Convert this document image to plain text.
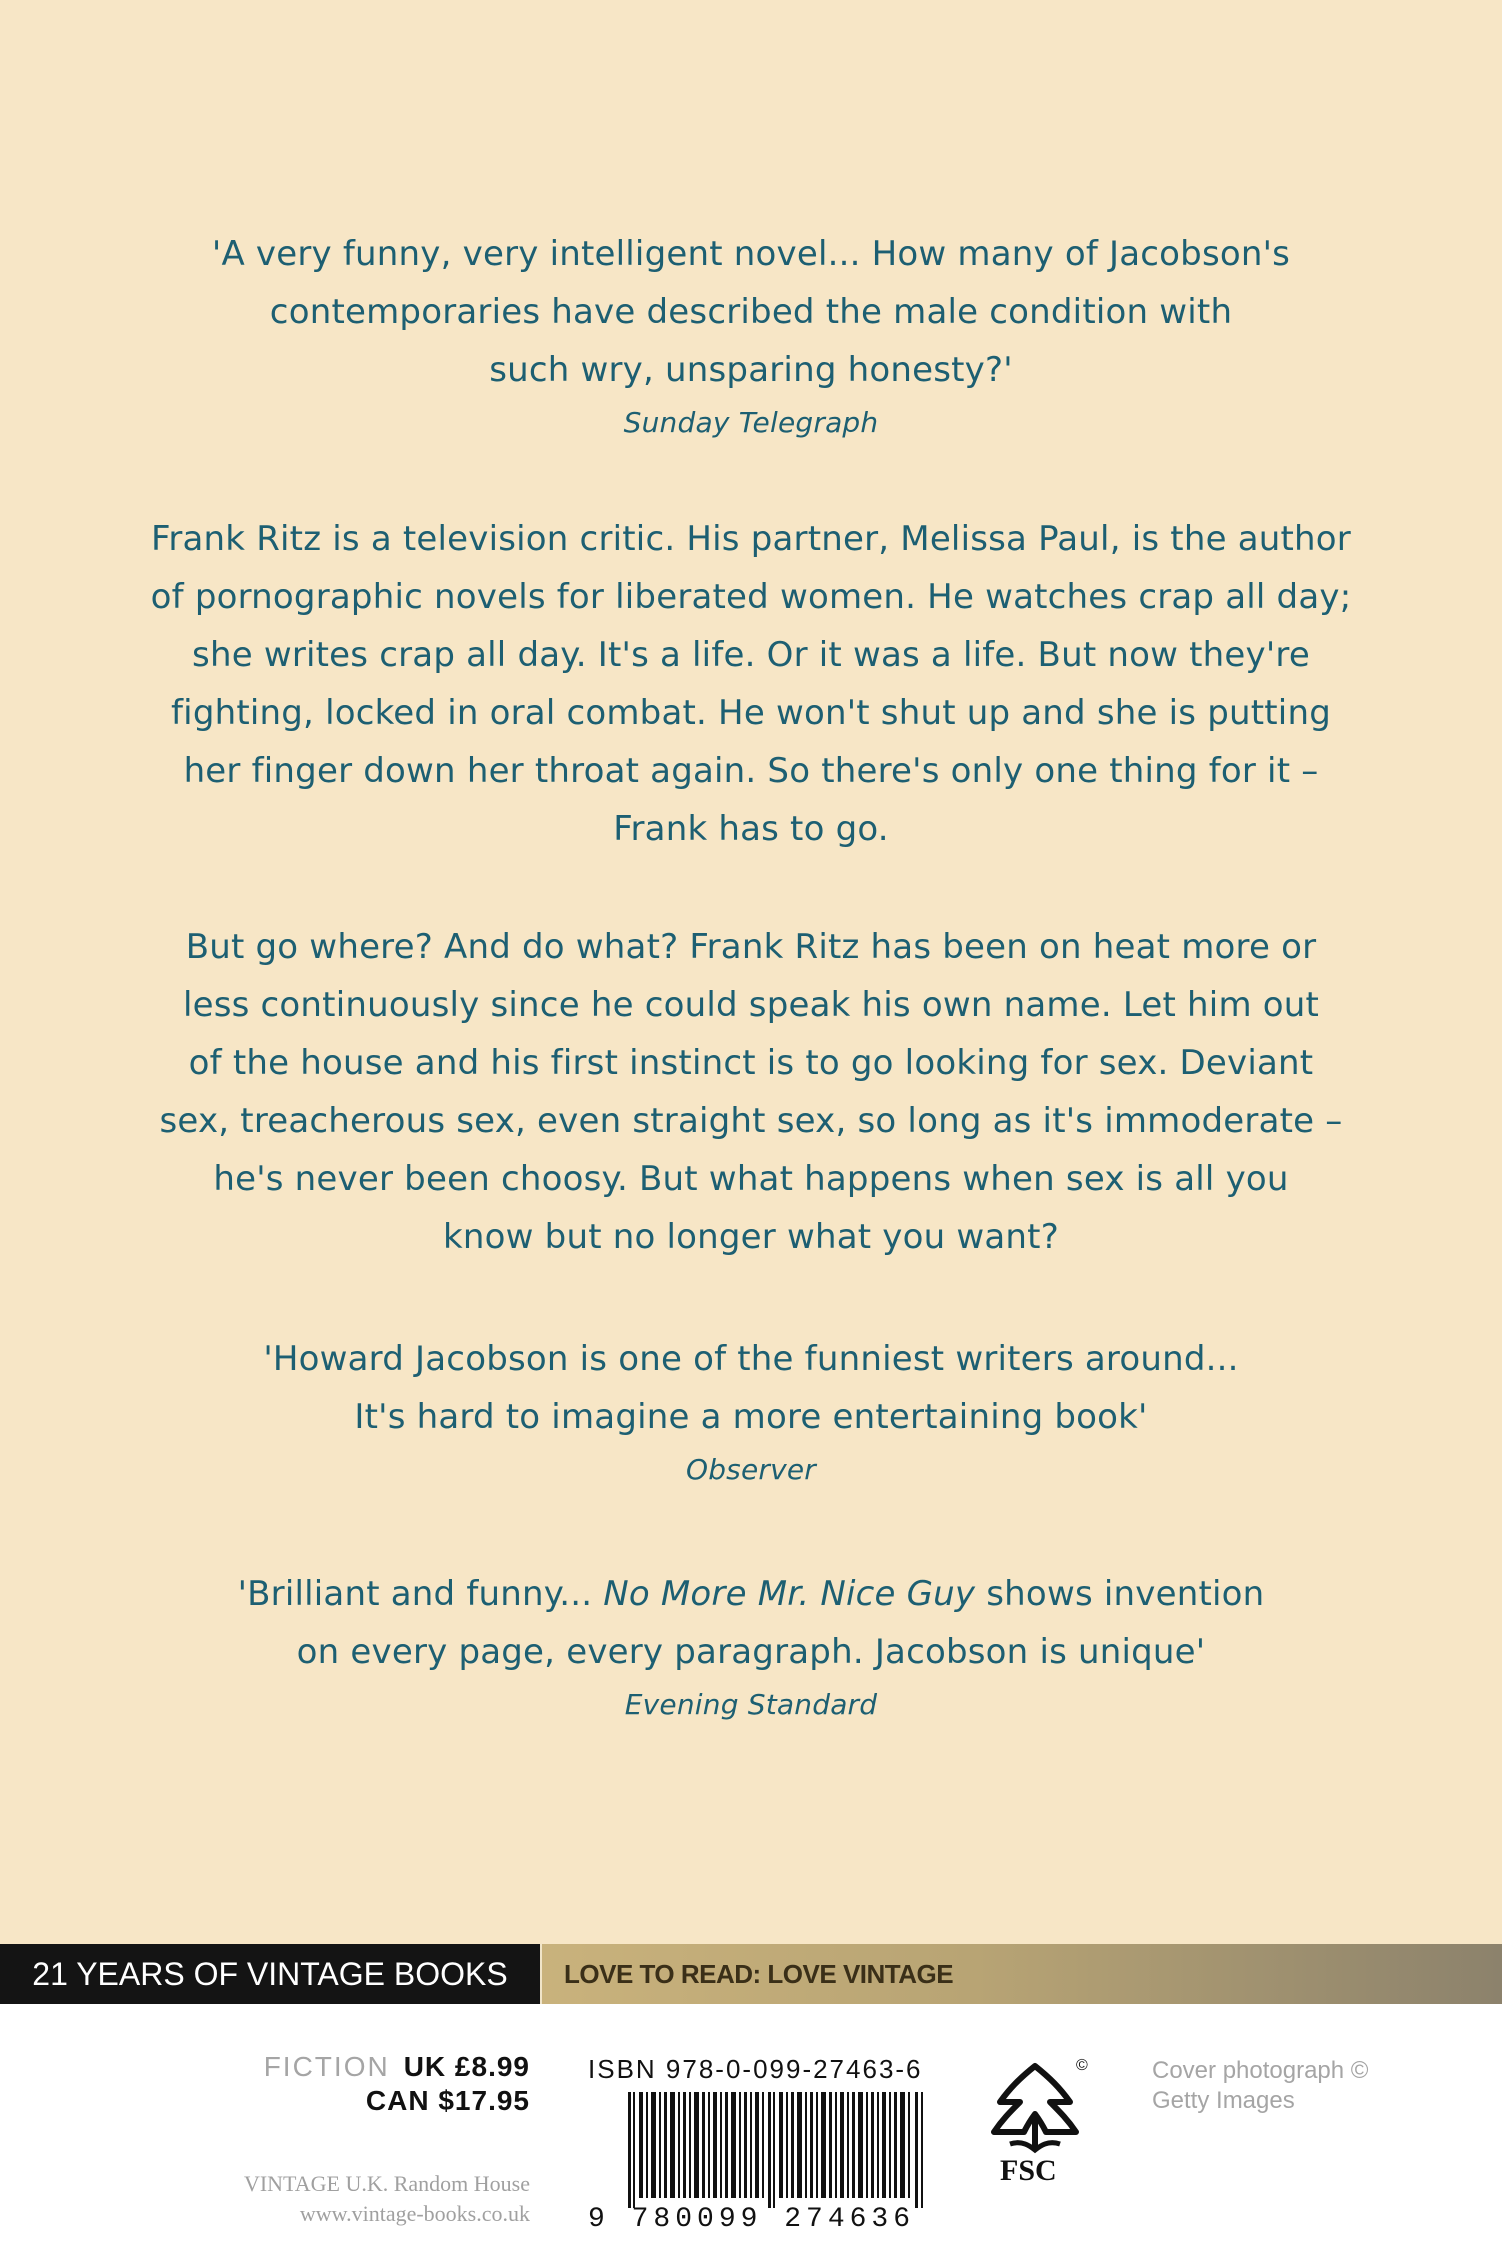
'A very funny, very intelligent novel... How many of Jacobson's

contemporaries have described the male condition with

such wry, unsparing honesty?'

Sunday Telegraph

Frank Ritz is a television critic. His partner, Melissa Paul, is the author

of pornographic novels for liberated women. He watches crap all day;

she writes crap all day. It's a life. Or it was a life. But now they're

fighting, locked in oral combat. He won't shut up and she is putting

her finger down her throat again. So there's only one thing for it –

Frank has to go.

But go where? And do what? Frank Ritz has been on heat more or

less continuously since he could speak his own name. Let him out

of the house and his first instinct is to go looking for sex. Deviant

sex, treacherous sex, even straight sex, so long as it's immoderate –

he's never been choosy. But what happens when sex is all you

know but no longer what you want?

'Howard Jacobson is one of the funniest writers around...

It's hard to imagine a more entertaining book'

Observer

'Brilliant and funny... No More Mr. Nice Guy shows invention

on every page, every paragraph. Jacobson is unique'

Evening Standard

21 YEARS OF VINTAGE BOOKS	LOVE TO READ: LOVE VINTAGE
FICTION UK £8.99
CAN $17.95
VINTAGE U.K. Random House
www.vintage-books.co.uk
ISBN 978-0-099-27463-6
9 780099 274636
©
FSC
Cover photograph ©
Getty Images
